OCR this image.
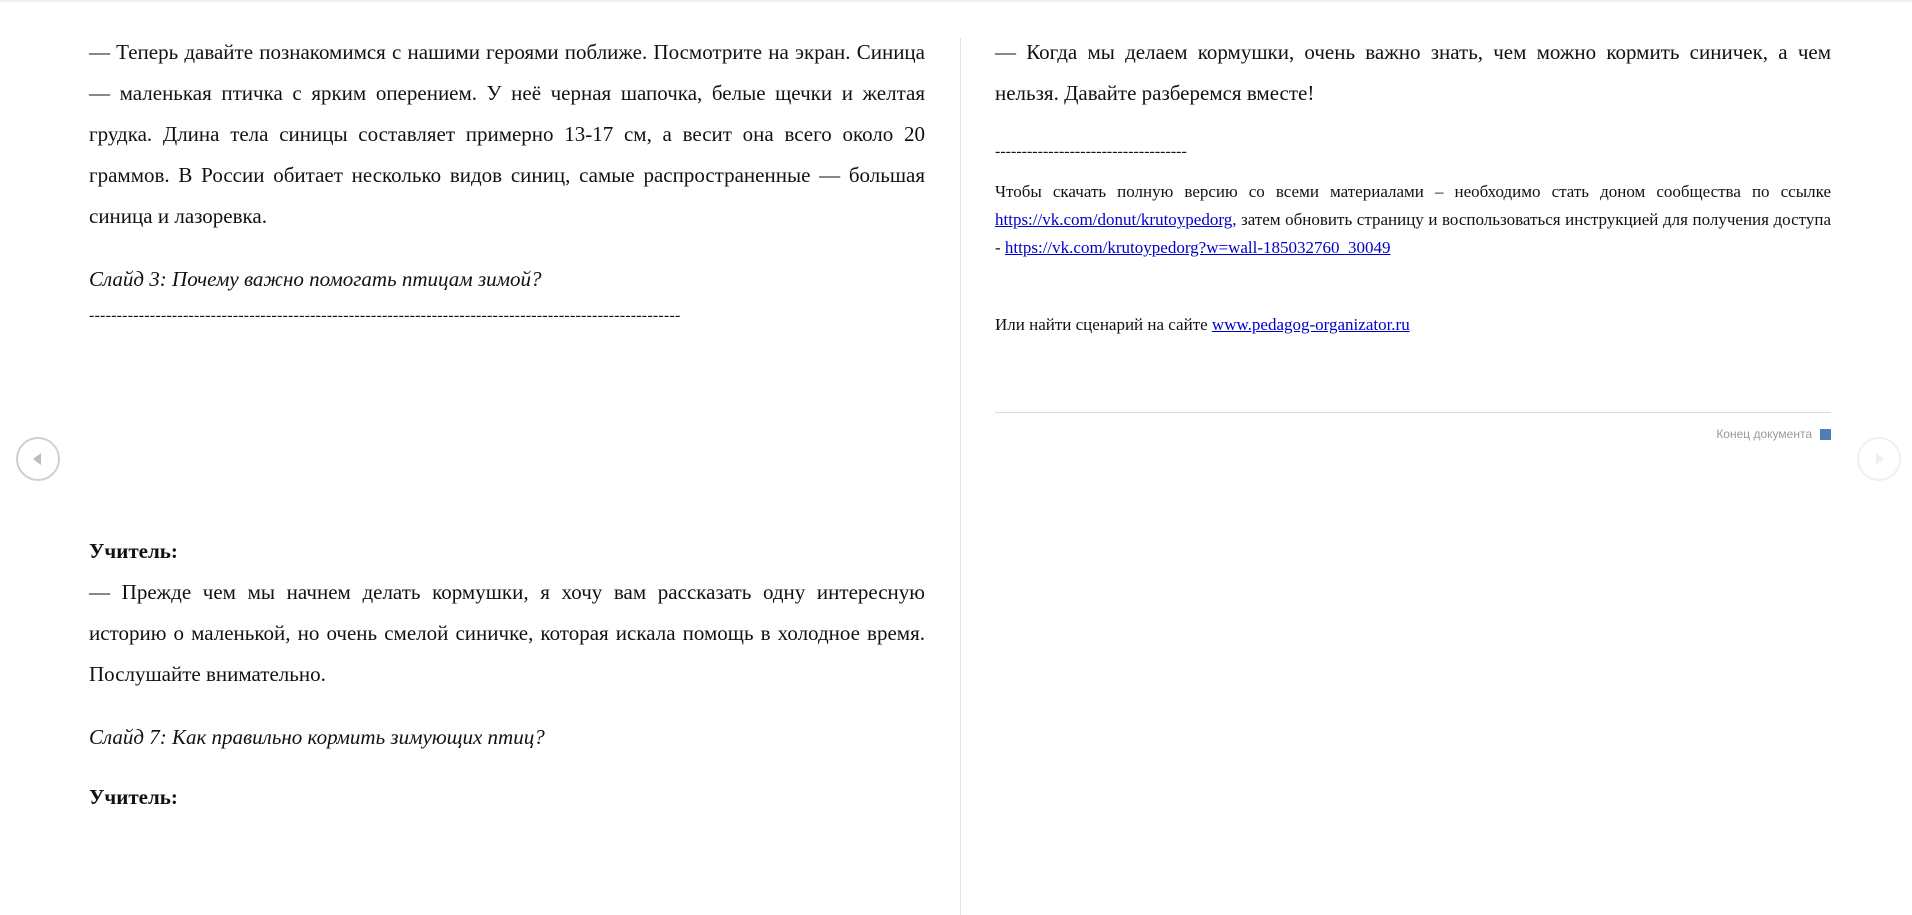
— Теперь давайте познакомимся с нашими героями поближе. Посмотрите на экран. Синица — маленькая птичка с ярким оперением. У неё черная шапочка, белые щечки и желтая грудка. Длина тела синицы составляет примерно 13-17 см, а весит она всего около 20 граммов. В России обитает несколько видов синиц, самые распространенные — большая синица и лазоревка.

Слайд 3: Почему важно помогать птицам зимой?
-----------------------------------------------------------------------------------------------------------
Учитель:

— Прежде чем мы начнем делать кормушки, я хочу вам рассказать одну интересную историю о маленькой, но очень смелой синичке, которая искала помощь в холодное время. Послушайте внимательно.

Слайд 7: Как правильно кормить зимующих птиц?
Учитель:

— Когда мы делаем кормушки, очень важно знать, чем можно кормить синичек, а чем нельзя. Давайте разберемся вместе!

------------------------------------

Чтобы скачать полную версию со всеми материалами – необходимо стать доном сообщества по ссылке https://vk.com/donut/krutoypedorg, затем обновить страницу и воспользоваться инструкцией для получения доступа - https://vk.com/krutoypedorg?w=wall-185032760_30049

Или найти сценарий на сайте www.pedagog-organizator.ru
Конец документа
